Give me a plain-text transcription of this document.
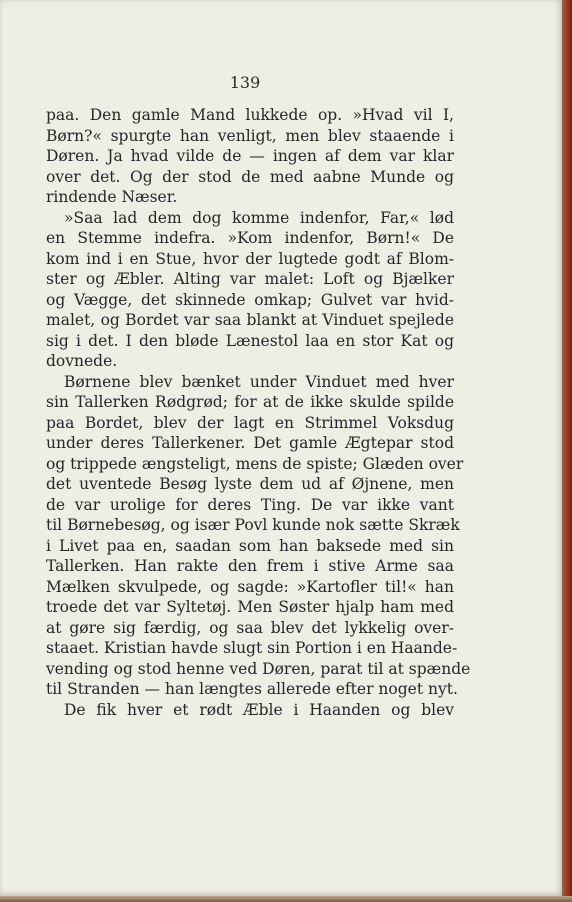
139
paa. Den gamle Mand lukkede op. »Hvad vil I,
Børn?« spurgte han venligt, men blev staaende i
Døren. Ja hvad vilde de — ingen af dem var klar
over det. Og der stod de med aabne Munde og
rindende Næser.
»Saa lad dem dog komme indenfor, Far,« lød
en Stemme indefra. »Kom indenfor, Børn!« De
kom ind i en Stue, hvor der lugtede godt af Blom-
ster og Æbler. Alting var malet: Loft og Bjælker
og Vægge, det skinnede omkap; Gulvet var hvid-
malet, og Bordet var saa blankt at Vinduet spejlede
sig i det. I den bløde Lænestol laa en stor Kat og
dovnede.
Børnene blev bænket under Vinduet med hver
sin Tallerken Rødgrød; for at de ikke skulde spilde
paa Bordet, blev der lagt en Strimmel Voksdug
under deres Tallerkener. Det gamle Ægtepar stod
og trippede ængsteligt, mens de spiste; Glæden over
det uventede Besøg lyste dem ud af Øjnene, men
de var urolige for deres Ting. De var ikke vant
til Børnebesøg, og især Povl kunde nok sætte Skræk
i Livet paa en, saadan som han baksede med sin
Tallerken. Han rakte den frem i stive Arme saa
Mælken skvulpede, og sagde: »Kartofler til!« han
troede det var Syltetøj. Men Søster hjalp ham med
at gøre sig færdig, og saa blev det lykkelig over-
staaet. Kristian havde slugt sin Portion i en Haande-
vending og stod henne ved Døren, parat til at spænde
til Stranden — han længtes allerede efter noget nyt.
De fik hver et rødt Æble i Haanden og blev
